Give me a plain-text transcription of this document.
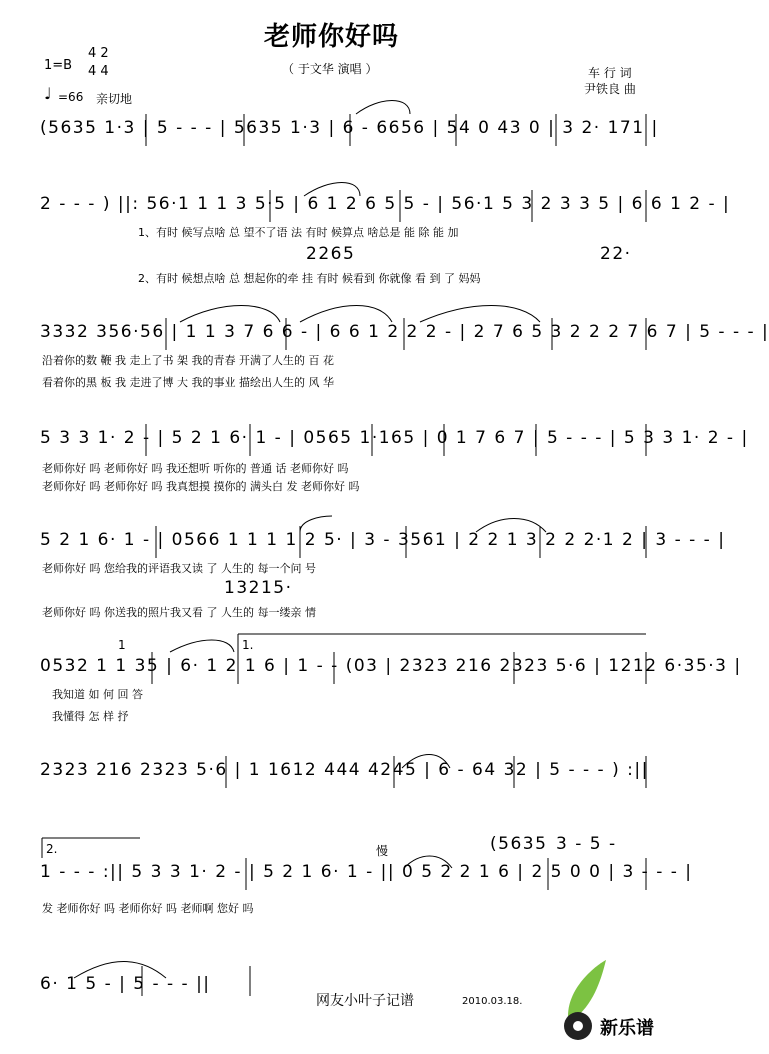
老师你好吗
（ 于文华 演唱 ）
1=B
4 2
4 4
♩ =66 亲切地
车 行 词
尹铁良 曲
(5635 1·3 | 5 - - - | 5635 1·3 | 6 - 6656 | 54 0 43 0 | 3 2· 171 |
2 - - - ) ||: 56·1 1 1 3 5·5 | 6 1 2 6 5 5 - | 56·1 5 3 2 3 3 5 | 6 6 1 2 - |
1、有时 候写点啥 总 望不了语 法 有时 候算点 啥总是 能 除 能 加
2265	22·
2、有时 候想点啥 总 想起你的牵 挂 有时 候看到 你就像 看 到 了 妈妈
3332 356·56 | 1 1 3 7 6 6 - | 6 6 1 2 2 2 - | 2 7 6 5 3 2 2 2 7 6 7 | 5 - - - |
沿着你的数 鞭 我 走上了书 架 我的青春 开满了人生的 百 花
看着你的黑 板 我 走进了博 大 我的事业 描绘出人生的 风 华
5 3 3 1· 2 - | 5 2 1 6· 1 - | 0565 1·165 | 0 1 7 6 7 | 5 - - - | 5 3 3 1· 2 - |
老师你好 吗 老师你好 吗 我还想听 听你的 普通 话 老师你好 吗
老师你好 吗 老师你好 吗 我真想摸 摸你的 满头白 发 老师你好 吗
5 2 1 6· 1 - | 0566 1 1 1 1 2 5· | 3 - 3561 | 2 2 1 3 2 2 2·1 2 | 3 - - - |
老师你好 吗 您给我的评语我又读 了 人生的 每一个问 号
13215·
老师你好 吗 你送我的照片我又看 了 人生的 每一缕亲 情
1.
1
0532 1 1 35 | 6· 1 2 1 6 | 1 - - (03 | 2323 216 2323 5·6 | 1212 6·35·3 |
我知道 如 何 回 答
我懂得 怎 样 抒
2323 216 2323 5·6 | 1 1612 444 4245 | 6 - 64 32 | 5 - - - ) :||
2.	慢	(5635 3 - 5 -
1 - - - :|| 5 3 3 1· 2 - | 5 2 1 6· 1 - || 0 5 2 2 1 6 | 2 5 0 0 | 3 - - - |
发 老师你好 吗 老师你好 吗 老师啊 您好 吗
6· 1 5 - | 5 - - - ||
网友小叶子记谱	2010.03.18.
新乐谱
